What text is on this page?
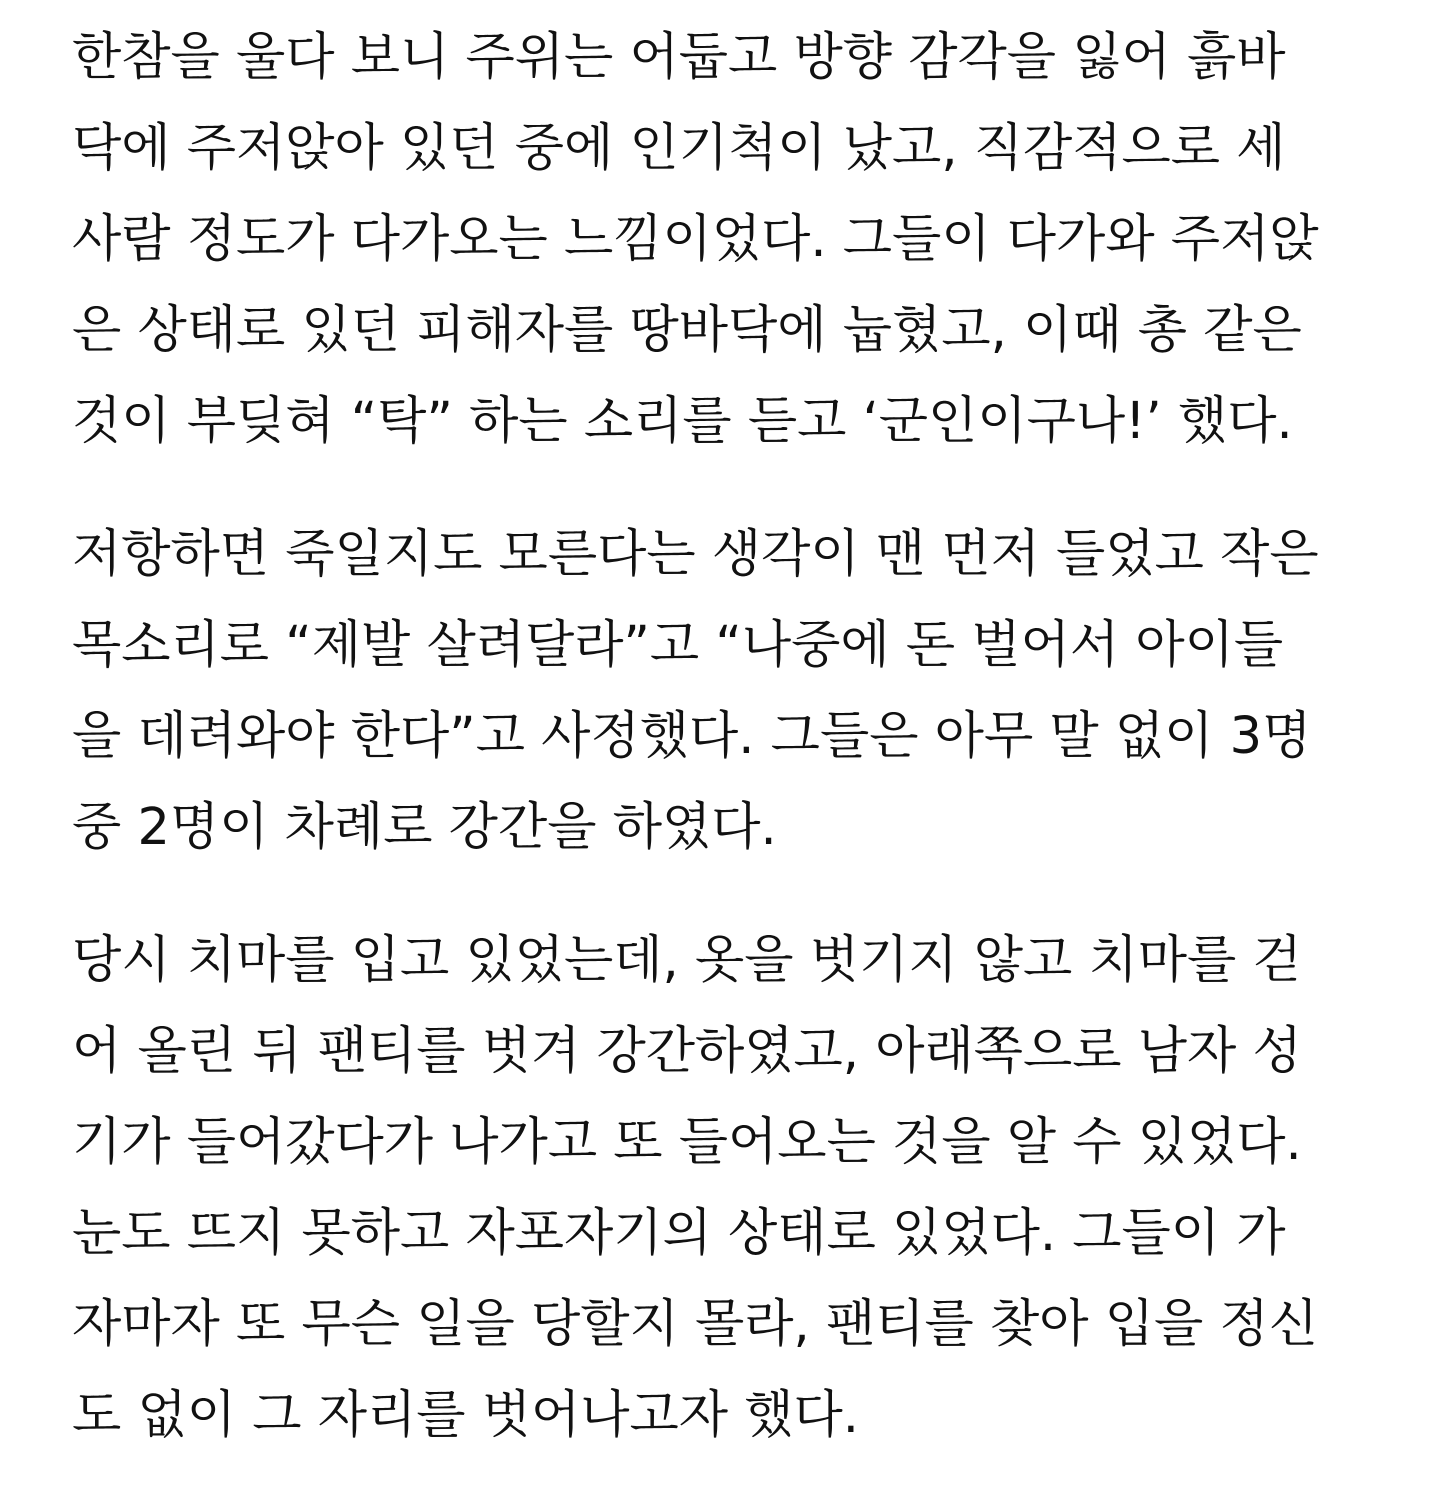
한참을 울다 보니 주위는 어둡고 방향 감각을 잃어 흙바
닥에 주저앉아 있던 중에 인기척이 났고, 직감적으로 세
사람 정도가 다가오는 느낌이었다. 그들이 다가와 주저앉
은 상태로 있던 피해자를 땅바닥에 눕혔고, 이때 총 같은
것이 부딪혀 “탁” 하는 소리를 듣고 ‘군인이구나!’ 했다.

저항하면 죽일지도 모른다는 생각이 맨 먼저 들었고 작은
목소리로 “제발 살려달라”고 “나중에 돈 벌어서 아이들
을 데려와야 한다”고 사정했다. 그들은 아무 말 없이 3명
중 2명이 차례로 강간을 하였다.

당시 치마를 입고 있었는데, 옷을 벗기지 않고 치마를 걷
어 올린 뒤 팬티를 벗겨 강간하였고, 아래쪽으로 남자 성
기가 들어갔다가 나가고 또 들어오는 것을 알 수 있었다.
눈도 뜨지 못하고 자포자기의 상태로 있었다. 그들이 가
자마자 또 무슨 일을 당할지 몰라, 팬티를 찾아 입을 정신
도 없이 그 자리를 벗어나고자 했다.
